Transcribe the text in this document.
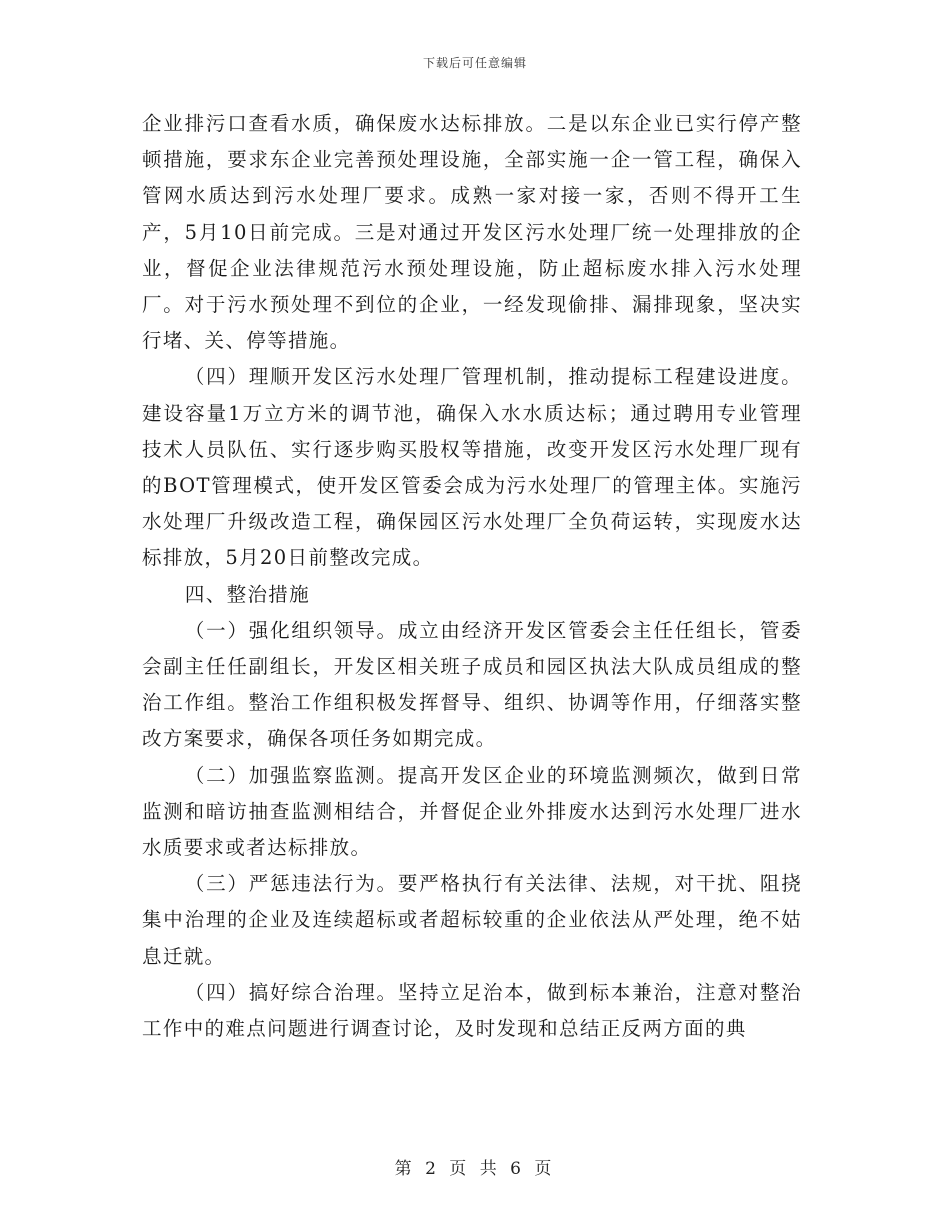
下载后可任意编辑

企业排污口查看水质，确保废水达标排放。二是以东企业已实行停产整顿措施，要求东企业完善预处理设施，全部实施一企一管工程，确保入管网水质达到污水处理厂要求。成熟一家对接一家，否则不得开工生产，5月10日前完成。三是对通过开发区污水处理厂统一处理排放的企业，督促企业法律规范污水预处理设施，防止超标废水排入污水处理厂。对于污水预处理不到位的企业，一经发现偷排、漏排现象，坚决实行堵、关、停等措施。

（四）理顺开发区污水处理厂管理机制，推动提标工程建设进度。建设容量1万立方米的调节池，确保入水水质达标；通过聘用专业管理技术人员队伍、实行逐步购买股权等措施，改变开发区污水处理厂现有的BOT管理模式，使开发区管委会成为污水处理厂的管理主体。实施污水处理厂升级改造工程，确保园区污水处理厂全负荷运转，实现废水达标排放，5月20日前整改完成。

四、整治措施

（一）强化组织领导。成立由经济开发区管委会主任任组长，管委会副主任任副组长，开发区相关班子成员和园区执法大队成员组成的整治工作组。整治工作组积极发挥督导、组织、协调等作用，仔细落实整改方案要求，确保各项任务如期完成。

（二）加强监察监测。提高开发区企业的环境监测频次，做到日常监测和暗访抽查监测相结合，并督促企业外排废水达到污水处理厂进水水质要求或者达标排放。

（三）严惩违法行为。要严格执行有关法律、法规，对干扰、阻挠集中治理的企业及连续超标或者超标较重的企业依法从严处理，绝不姑息迁就。

（四）搞好综合治理。坚持立足治本，做到标本兼治，注意对整治工作中的难点问题进行调查讨论，及时发现和总结正反两方面的典

第 2 页 共 6 页
